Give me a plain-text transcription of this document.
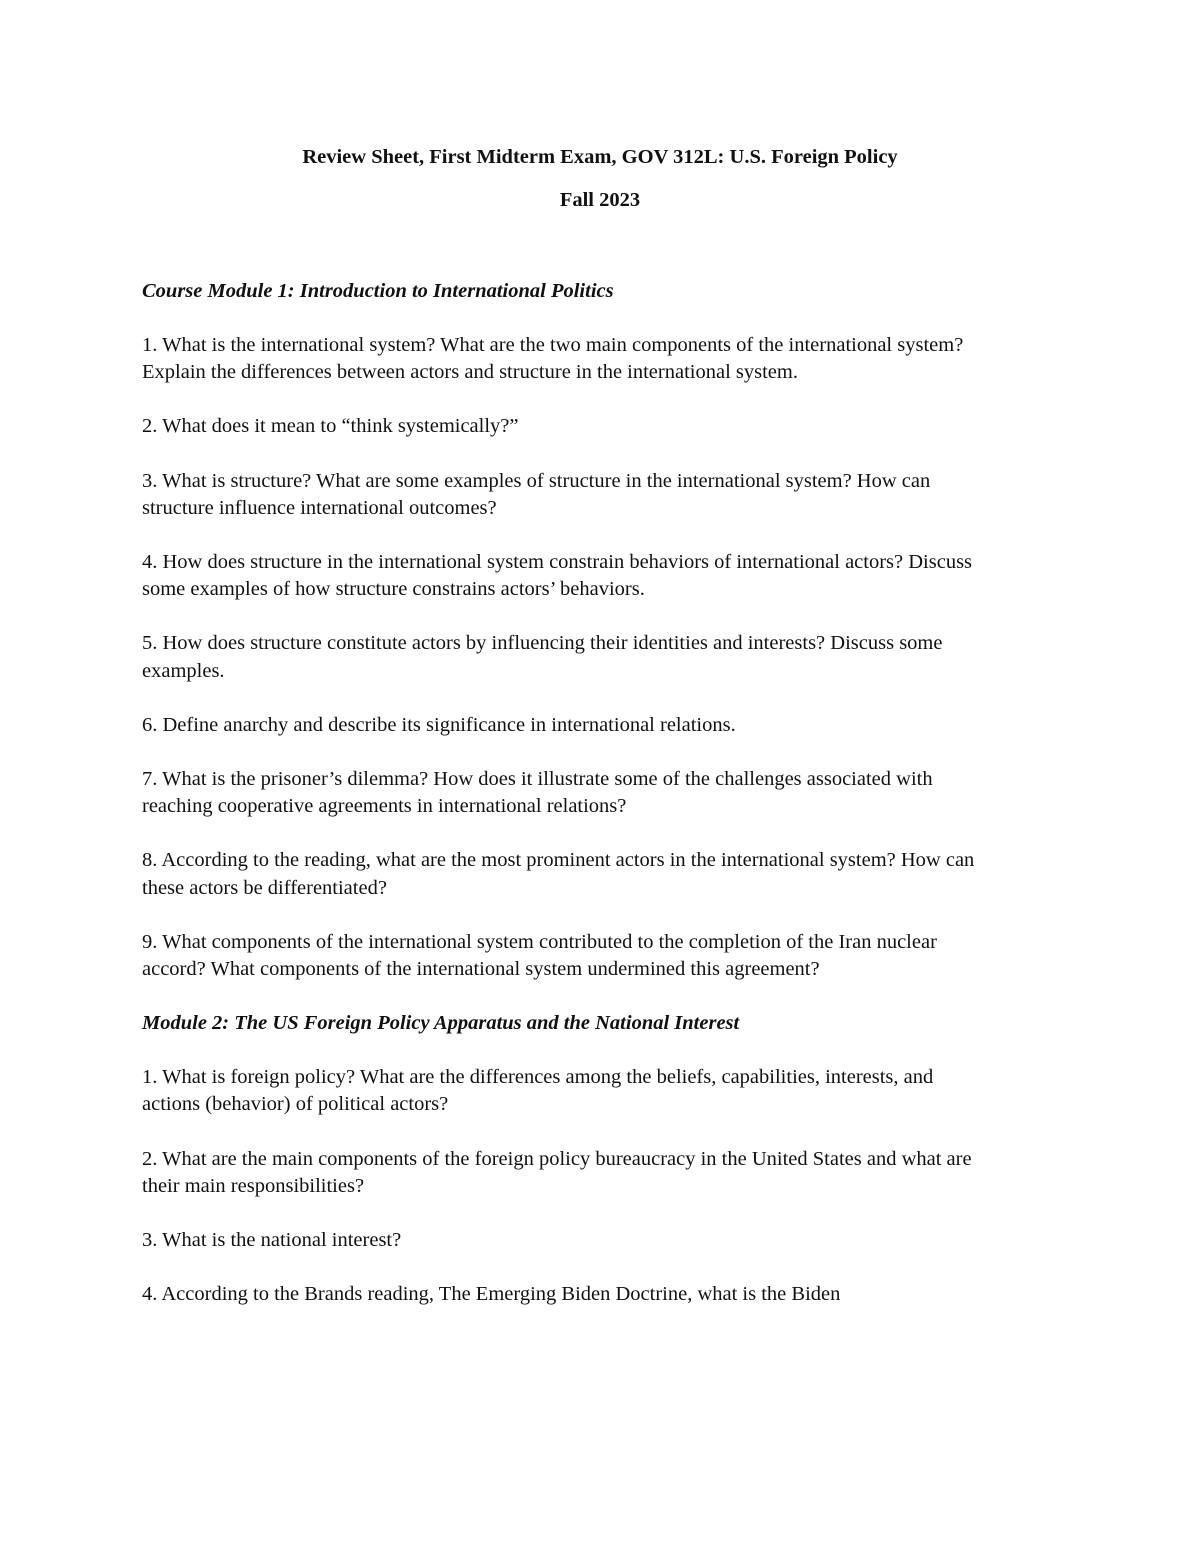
Review Sheet, First Midterm Exam, GOV 312L: U.S. Foreign Policy

Fall 2023

Course Module 1: Introduction to International Politics

1. What is the international system? What are the two main components of the international system? Explain the differences between actors and structure in the international system.

2. What does it mean to “think systemically?”

3. What is structure? What are some examples of structure in the international system? How can structure influence international outcomes?

4. How does structure in the international system constrain behaviors of international actors? Discuss some examples of how structure constrains actors’ behaviors.

5. How does structure constitute actors by influencing their identities and interests? Discuss some examples.

6. Define anarchy and describe its significance in international relations.

7. What is the prisoner’s dilemma? How does it illustrate some of the challenges associated with reaching cooperative agreements in international relations?

8. According to the reading, what are the most prominent actors in the international system? How can these actors be differentiated?

9. What components of the international system contributed to the completion of the Iran nuclear accord? What components of the international system undermined this agreement?

Module 2: The US Foreign Policy Apparatus and the National Interest

1. What is foreign policy? What are the differences among the beliefs, capabilities, interests, and actions (behavior) of political actors?

2. What are the main components of the foreign policy bureaucracy in the United States and what are their main responsibilities?

3. What is the national interest?

4. According to the Brands reading, The Emerging Biden Doctrine, what is the Biden
